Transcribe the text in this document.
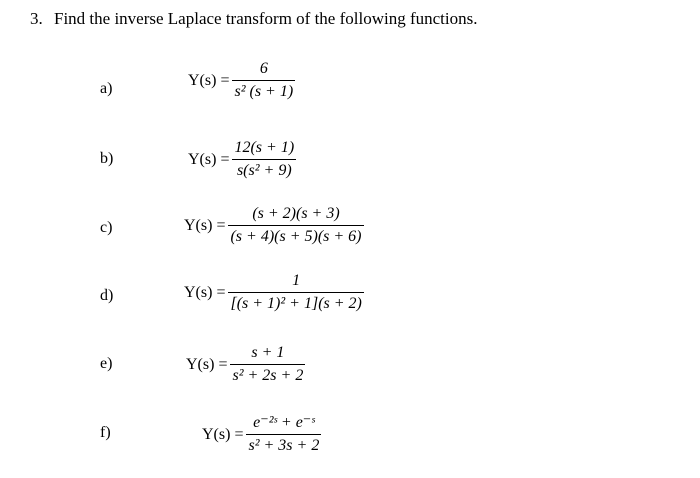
3. Find the inverse Laplace transform of the following functions.
a)	$Y(s) = \frac{6}{\text{s² (s + 1)}}$
b)	$Y(s) = \frac{12(s + 1)}{\text{s(s² + 9)}}$
c)	$Y(s) = \frac{(s + 2)(s + 3)}{(s + 4)(s + 5)(s + 6)}$
d)	$Y(s) = \frac{1}{\text{[(s + 1)² + 1](s + 2)}}$
e)	$Y(s) = \frac{s + 1}{\text{s² + 2s + 2}}$
f)	$Y(s) = \frac{\text{e⁻²ˢ + e⁻ˢ}}{\text{s² + 3s + 2}}$
